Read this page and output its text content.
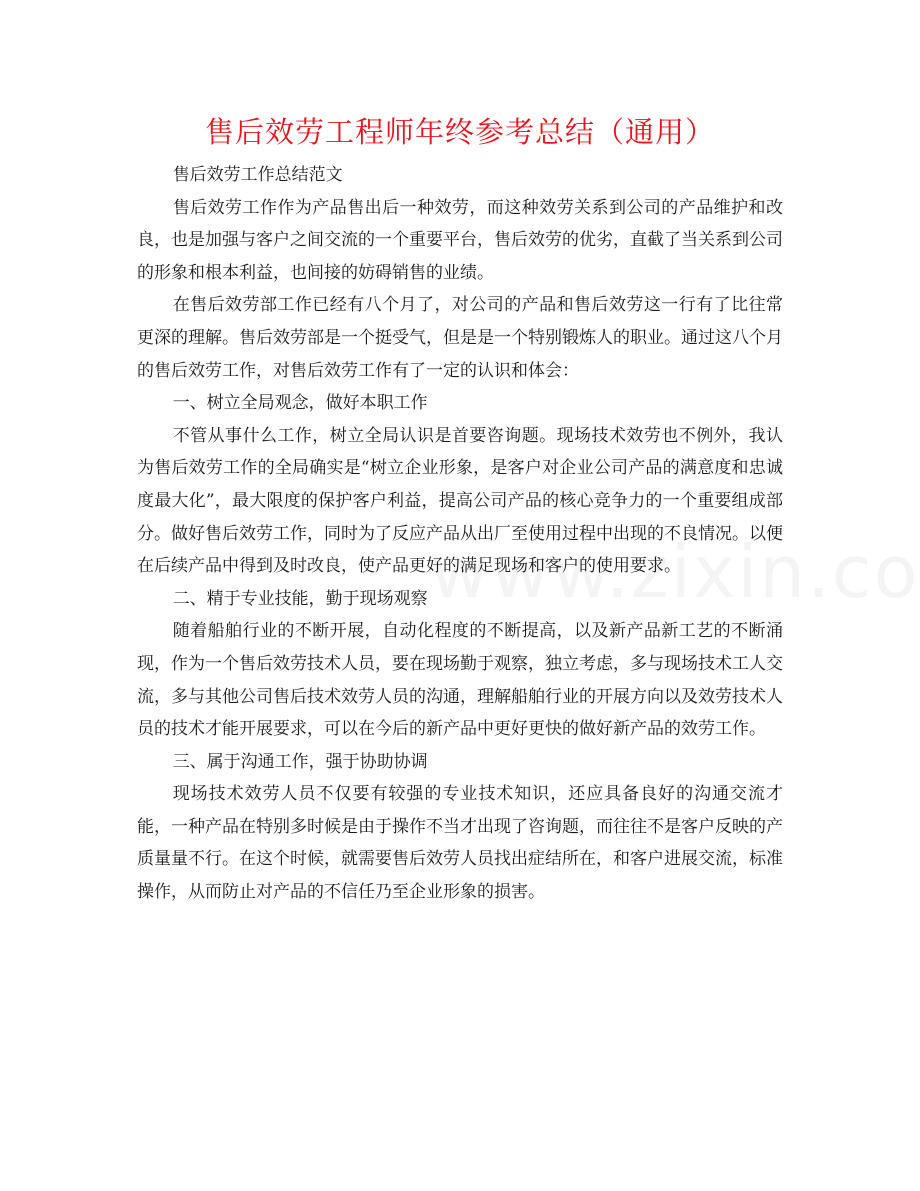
售后效劳工程师年终参考总结（通用）

售后效劳工作总结范文

售后效劳工作作为产品售出后一种效劳，而这种效劳关系到公司的产品维护和改良，也是加强与客户之间交流的一个重要平台，售后效劳的优劣，直截了当关系到公司的形象和根本利益，也间接的妨碍销售的业绩。

在售后效劳部工作已经有八个月了，对公司的产品和售后效劳这一行有了比往常更深的理解。售后效劳部是一个挺受气，但是是一个特别锻炼人的职业。通过这八个月的售后效劳工作，对售后效劳工作有了一定的认识和体会：

一、树立全局观念，做好本职工作

不管从事什么工作，树立全局认识是首要咨询题。现场技术效劳也不例外，我认为售后效劳工作的全局确实是“树立企业形象，是客户对企业公司产品的满意度和忠诚度最大化”，最大限度的保护客户利益，提高公司产品的核心竞争力的一个重要组成部分。做好售后效劳工作，同时为了反应产品从出厂至使用过程中出现的不良情况。以便在后续产品中得到及时改良，使产品更好的满足现场和客户的使用要求。

二、精于专业技能，勤于现场观察

随着船舶行业的不断开展，自动化程度的不断提高，以及新产品新工艺的不断涌现，作为一个售后效劳技术人员，要在现场勤于观察，独立考虑，多与现场技术工人交流，多与其他公司售后技术效劳人员的沟通，理解船舶行业的开展方向以及效劳技术人员的技术才能开展要求，可以在今后的新产品中更好更快的做好新产品的效劳工作。

三、属于沟通工作，强于协助协调

现场技术效劳人员不仅要有较强的专业技术知识，还应具备良好的沟通交流才能，一种产品在特别多时候是由于操作不当才出现了咨询题，而往往不是客户反映的产质量量不行。在这个时候，就需要售后效劳人员找出症结所在，和客户进展交流，标准操作，从而防止对产品的不信任乃至企业形象的损害。
